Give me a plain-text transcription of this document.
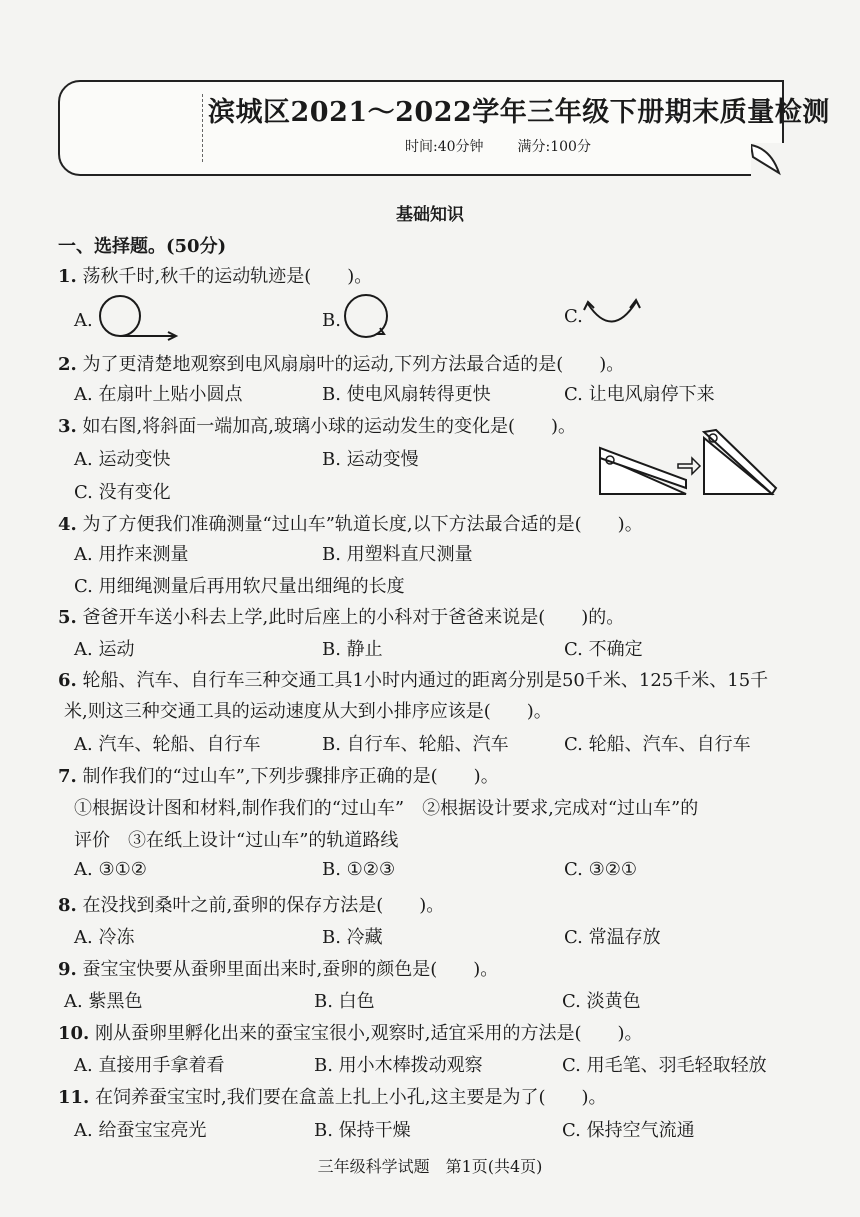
滨城区2021～2022学年三年级下册期末质量检测
时间:40分钟 满分:100分
基础知识
一、选择题。(50分)
1. 荡秋千时,秋千的运动轨迹是(　　)。
A.	B.	C.
2. 为了更清楚地观察到电风扇扇叶的运动,下列方法最合适的是(　　)。
A. 在扇叶上贴小圆点	B. 使电风扇转得更快	C. 让电风扇停下来
3. 如右图,将斜面一端加高,玻璃小球的运动发生的变化是(　　)。
A. 运动变快	B. 运动变慢
C. 没有变化
4. 为了方便我们准确测量“过山车”轨道长度,以下方法最合适的是(　　)。
A. 用拃来测量	B. 用塑料直尺测量
C. 用细绳测量后再用软尺量出细绳的长度
5. 爸爸开车送小科去上学,此时后座上的小科对于爸爸来说是(　　)的。
A. 运动	B. 静止	C. 不确定
6. 轮船、汽车、自行车三种交通工具1小时内通过的距离分别是50千米、125千米、15千
米,则这三种交通工具的运动速度从大到小排序应该是(　　)。
A. 汽车、轮船、自行车	B. 自行车、轮船、汽车	C. 轮船、汽车、自行车
7. 制作我们的“过山车”,下列步骤排序正确的是(　　)。
①根据设计图和材料,制作我们的“过山车”　②根据设计要求,完成对“过山车”的
评价　③在纸上设计“过山车”的轨道路线
A. ③①②	B. ①②③	C. ③②①
8. 在没找到桑叶之前,蚕卵的保存方法是(　　)。
A. 冷冻	B. 冷藏	C. 常温存放
9. 蚕宝宝快要从蚕卵里面出来时,蚕卵的颜色是(　　)。
A. 紫黑色	B. 白色	C. 淡黄色
10. 刚从蚕卵里孵化出来的蚕宝宝很小,观察时,适宜采用的方法是(　　)。
A. 直接用手拿着看	B. 用小木棒拨动观察	C. 用毛笔、羽毛轻取轻放
11. 在饲养蚕宝宝时,我们要在盒盖上扎上小孔,这主要是为了(　　)。
A. 给蚕宝宝亮光	B. 保持干燥	C. 保持空气流通
三年级科学试题　第1页(共4页)
